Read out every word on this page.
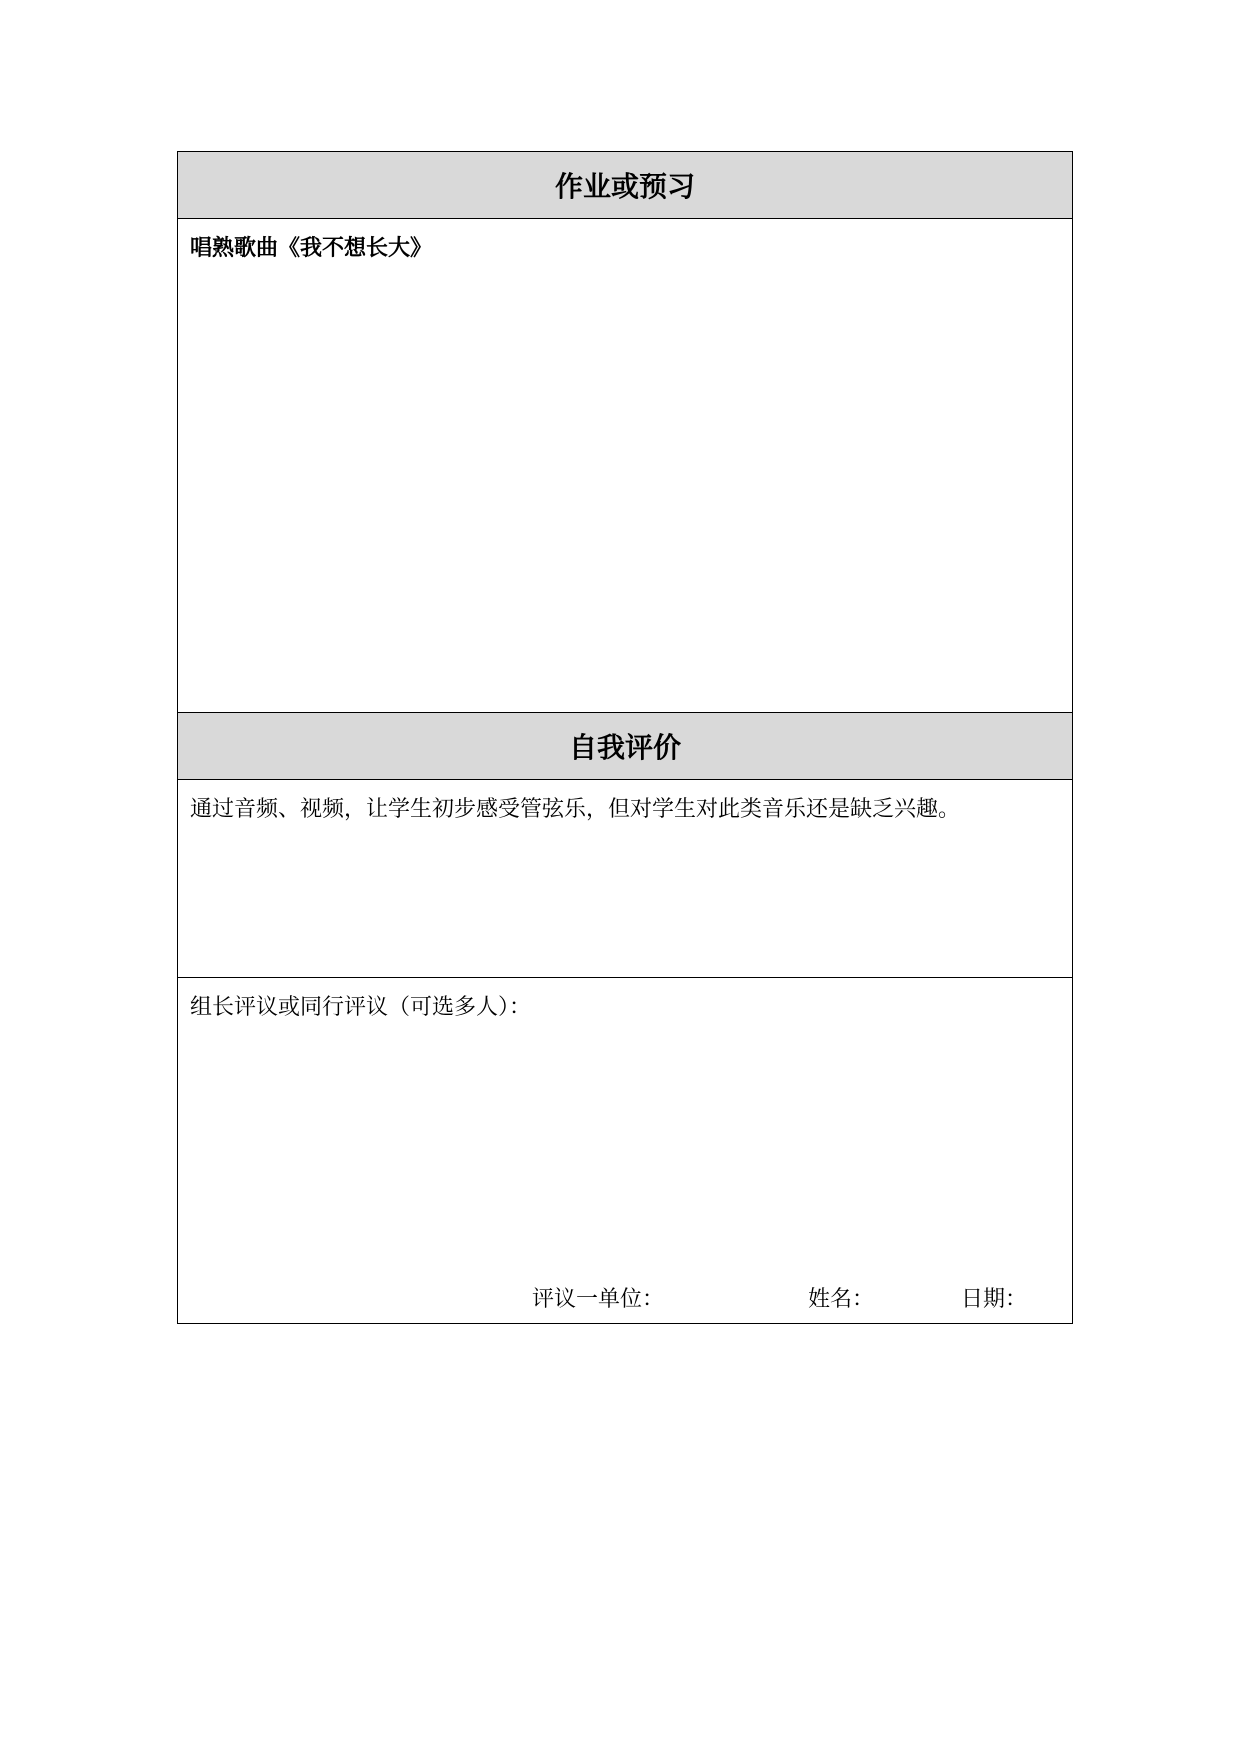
作业或预习
唱熟歌曲《我不想长大》
自我评价
通过音频、视频，让学生初步感受管弦乐，但对学生对此类音乐还是缺乏兴趣。
组长评议或同行评议（可选多人）：
评议一单位：	姓名：	日期：
